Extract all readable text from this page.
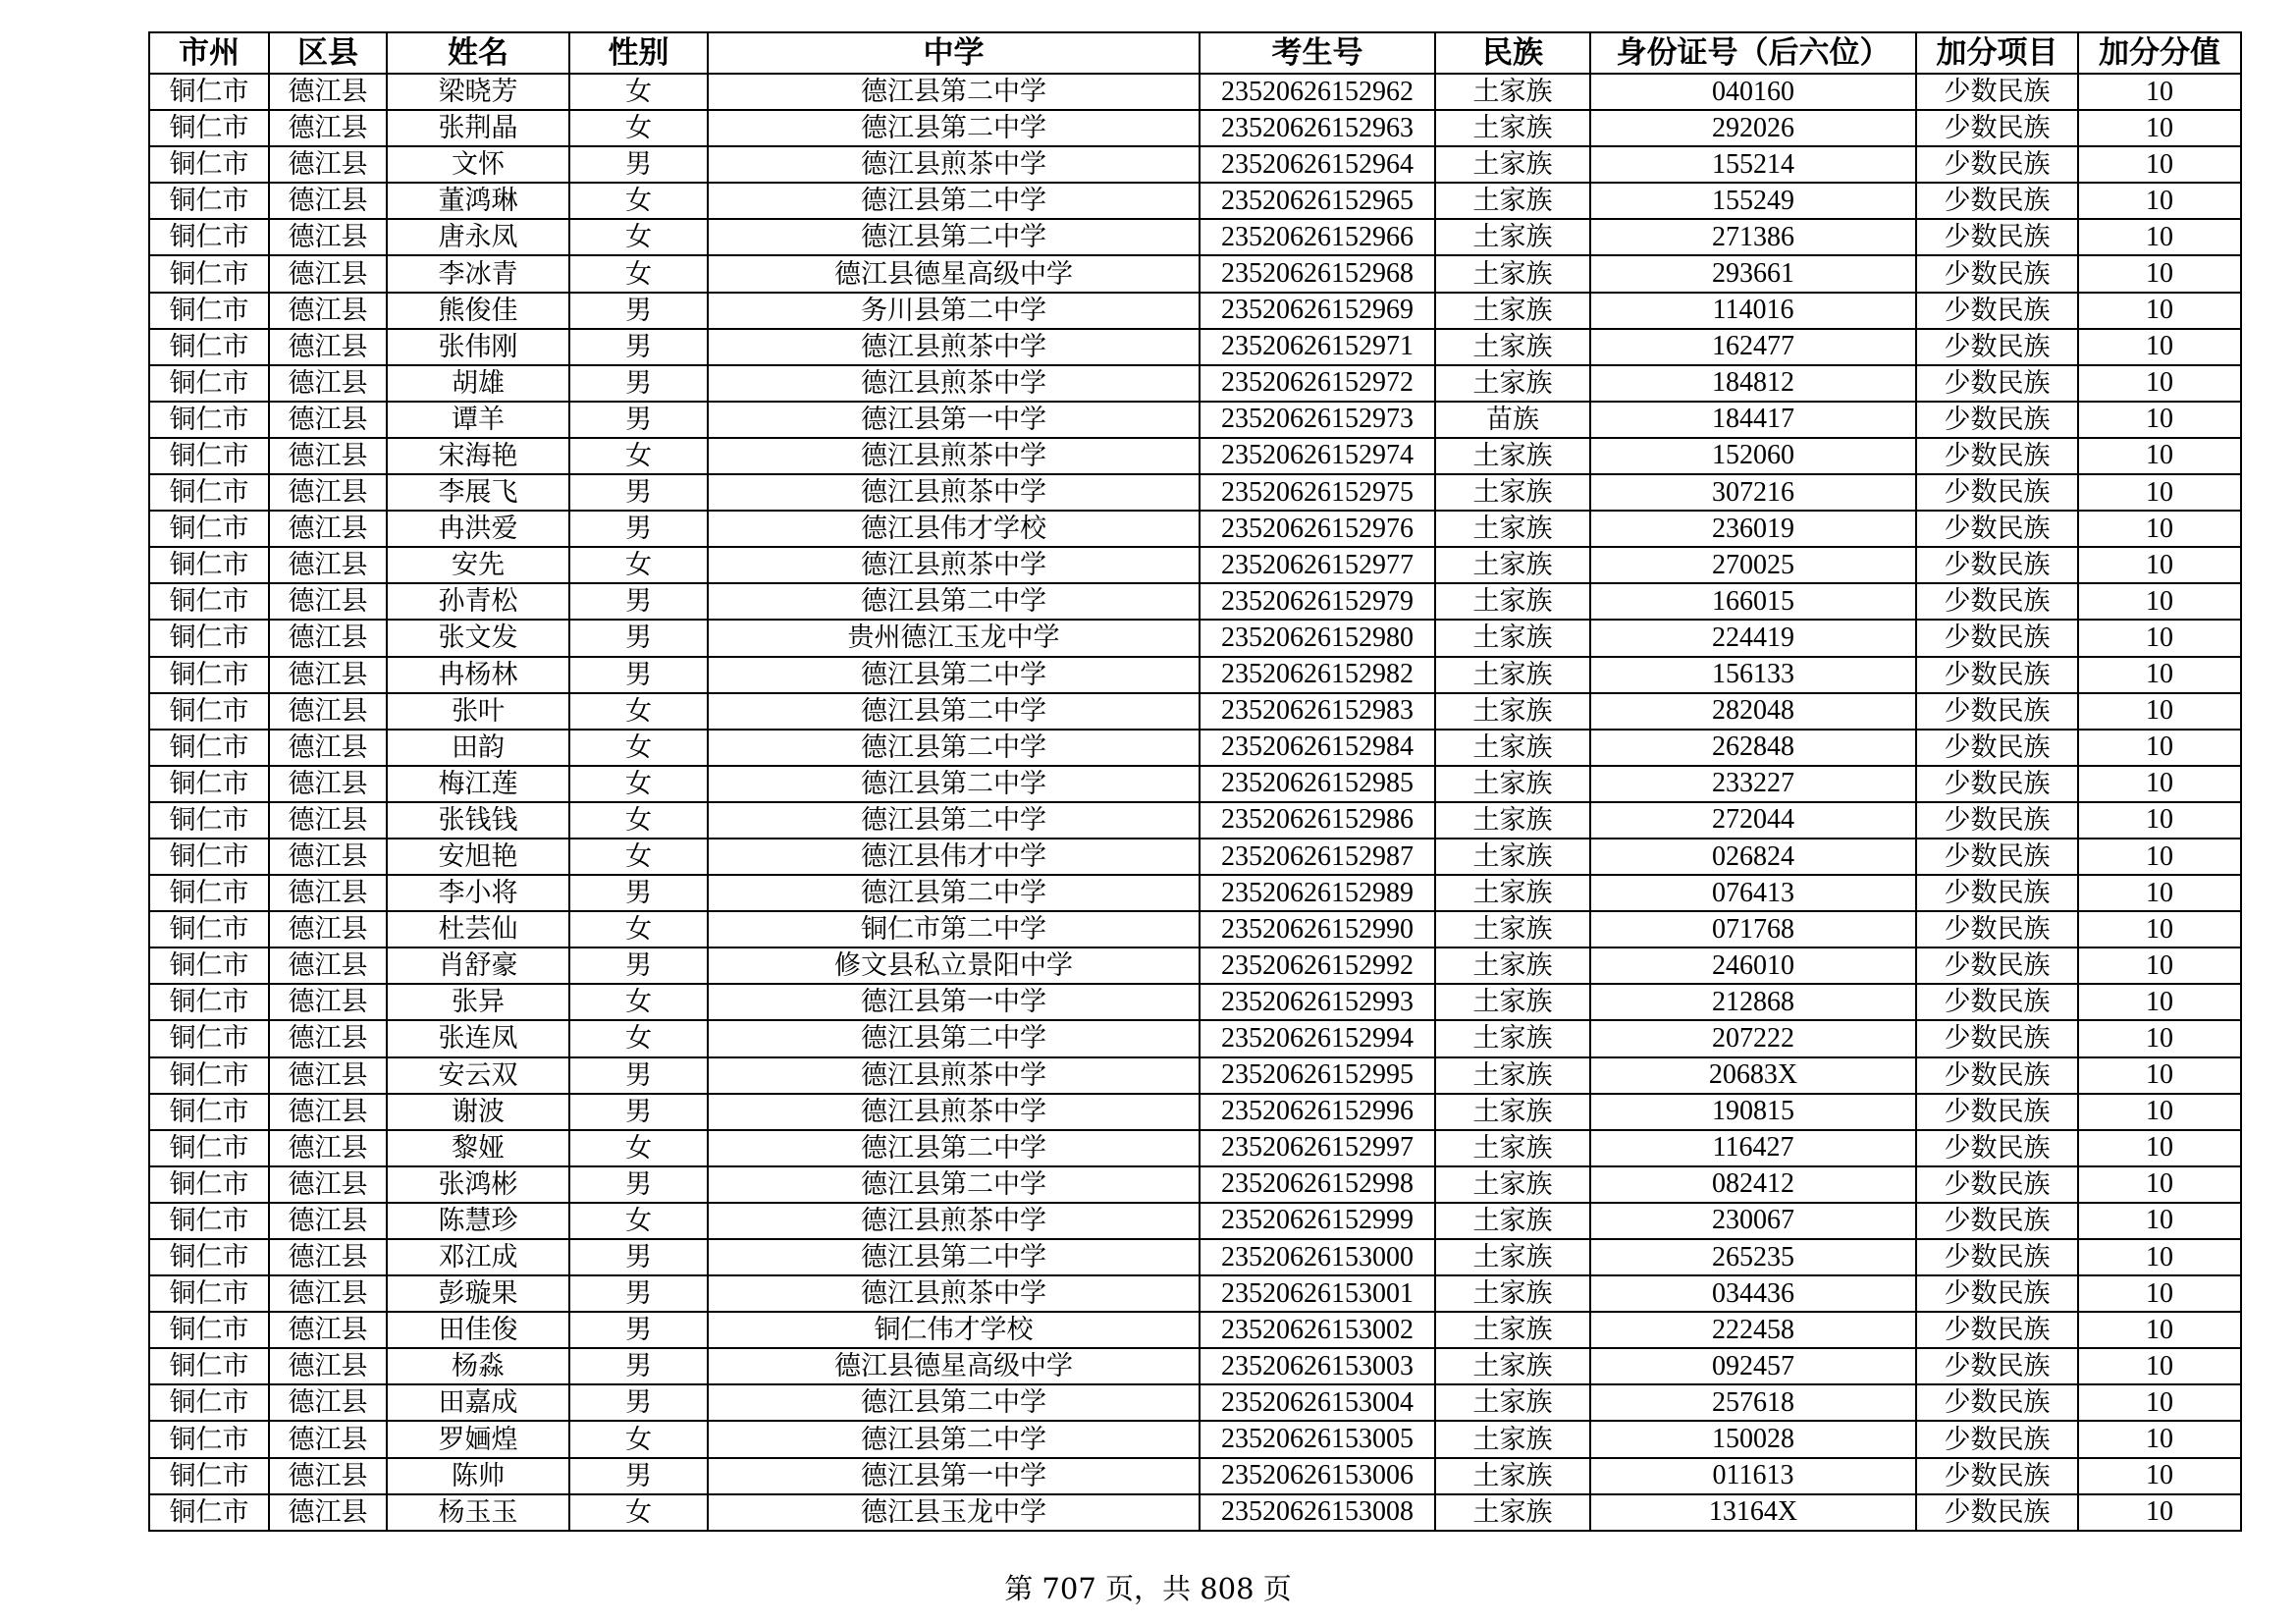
市州	区县	姓名	性别	中学	考生号	民族	身份证号（后六位）	加分项目	加分分值
铜仁市	德江县	梁晓芳	女	德江县第二中学	23520626152962	土家族	040160	少数民族	10
铜仁市	德江县	张荆晶	女	德江县第二中学	23520626152963	土家族	292026	少数民族	10
铜仁市	德江县	文怀	男	德江县煎茶中学	23520626152964	土家族	155214	少数民族	10
铜仁市	德江县	董鸿琳	女	德江县第二中学	23520626152965	土家族	155249	少数民族	10
铜仁市	德江县	唐永凤	女	德江县第二中学	23520626152966	土家族	271386	少数民族	10
铜仁市	德江县	李冰青	女	德江县德星高级中学	23520626152968	土家族	293661	少数民族	10
铜仁市	德江县	熊俊佳	男	务川县第二中学	23520626152969	土家族	114016	少数民族	10
铜仁市	德江县	张伟刚	男	德江县煎茶中学	23520626152971	土家族	162477	少数民族	10
铜仁市	德江县	胡雄	男	德江县煎茶中学	23520626152972	土家族	184812	少数民族	10
铜仁市	德江县	谭羊	男	德江县第一中学	23520626152973	苗族	184417	少数民族	10
铜仁市	德江县	宋海艳	女	德江县煎茶中学	23520626152974	土家族	152060	少数民族	10
铜仁市	德江县	李展飞	男	德江县煎茶中学	23520626152975	土家族	307216	少数民族	10
铜仁市	德江县	冉洪爱	男	德江县伟才学校	23520626152976	土家族	236019	少数民族	10
铜仁市	德江县	安先	女	德江县煎茶中学	23520626152977	土家族	270025	少数民族	10
铜仁市	德江县	孙青松	男	德江县第二中学	23520626152979	土家族	166015	少数民族	10
铜仁市	德江县	张文发	男	贵州德江玉龙中学	23520626152980	土家族	224419	少数民族	10
铜仁市	德江县	冉杨林	男	德江县第二中学	23520626152982	土家族	156133	少数民族	10
铜仁市	德江县	张叶	女	德江县第二中学	23520626152983	土家族	282048	少数民族	10
铜仁市	德江县	田韵	女	德江县第二中学	23520626152984	土家族	262848	少数民族	10
铜仁市	德江县	梅江莲	女	德江县第二中学	23520626152985	土家族	233227	少数民族	10
铜仁市	德江县	张钱钱	女	德江县第二中学	23520626152986	土家族	272044	少数民族	10
铜仁市	德江县	安旭艳	女	德江县伟才中学	23520626152987	土家族	026824	少数民族	10
铜仁市	德江县	李小将	男	德江县第二中学	23520626152989	土家族	076413	少数民族	10
铜仁市	德江县	杜芸仙	女	铜仁市第二中学	23520626152990	土家族	071768	少数民族	10
铜仁市	德江县	肖舒豪	男	修文县私立景阳中学	23520626152992	土家族	246010	少数民族	10
铜仁市	德江县	张异	女	德江县第一中学	23520626152993	土家族	212868	少数民族	10
铜仁市	德江县	张连凤	女	德江县第二中学	23520626152994	土家族	207222	少数民族	10
铜仁市	德江县	安云双	男	德江县煎茶中学	23520626152995	土家族	20683X	少数民族	10
铜仁市	德江县	谢波	男	德江县煎茶中学	23520626152996	土家族	190815	少数民族	10
铜仁市	德江县	黎娅	女	德江县第二中学	23520626152997	土家族	116427	少数民族	10
铜仁市	德江县	张鸿彬	男	德江县第二中学	23520626152998	土家族	082412	少数民族	10
铜仁市	德江县	陈慧珍	女	德江县煎茶中学	23520626152999	土家族	230067	少数民族	10
铜仁市	德江县	邓江成	男	德江县第二中学	23520626153000	土家族	265235	少数民族	10
铜仁市	德江县	彭璇果	男	德江县煎茶中学	23520626153001	土家族	034436	少数民族	10
铜仁市	德江县	田佳俊	男	铜仁伟才学校	23520626153002	土家族	222458	少数民族	10
铜仁市	德江县	杨淼	男	德江县德星高级中学	23520626153003	土家族	092457	少数民族	10
铜仁市	德江县	田嘉成	男	德江县第二中学	23520626153004	土家族	257618	少数民族	10
铜仁市	德江县	罗婳煌	女	德江县第二中学	23520626153005	土家族	150028	少数民族	10
铜仁市	德江县	陈帅	男	德江县第一中学	23520626153006	土家族	011613	少数民族	10
铜仁市	德江县	杨玉玉	女	德江县玉龙中学	23520626153008	土家族	13164X	少数民族	10
第 707 页，共 808 页
